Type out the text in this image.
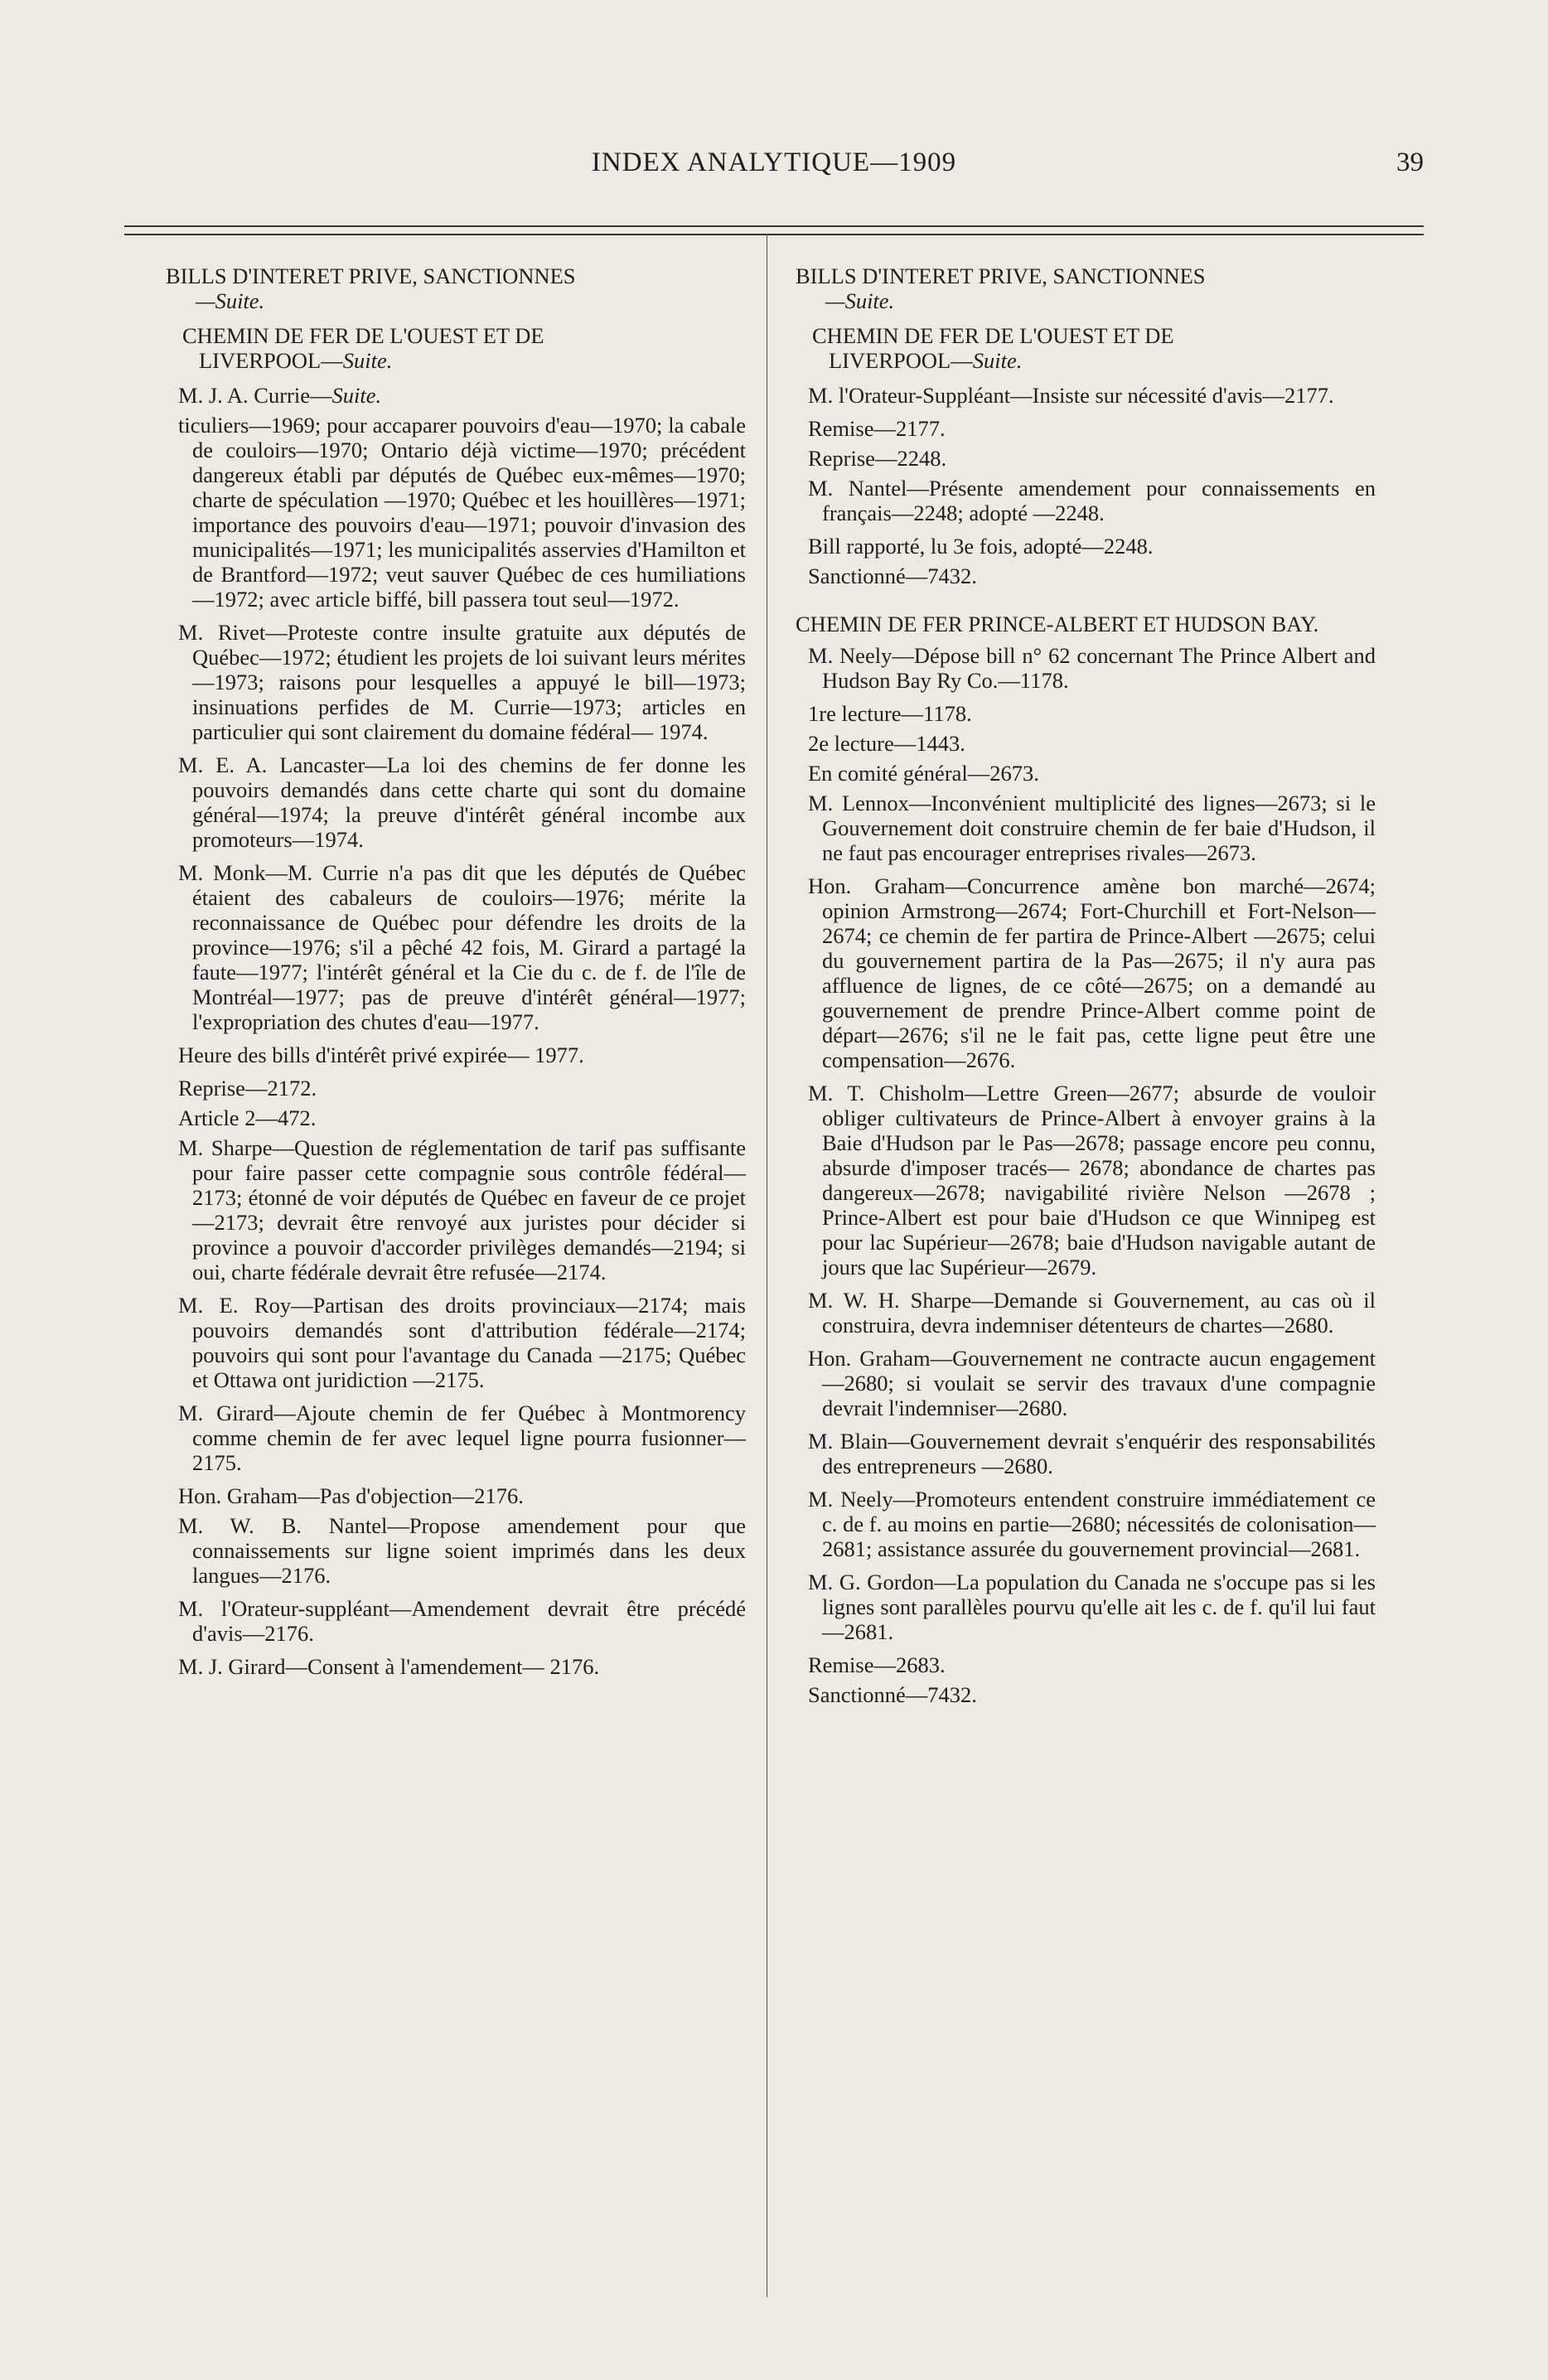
INDEX ANALYTIQUE—1909	39
BILLS D'INTERET PRIVE, SANCTIONNES
—Suite.
CHEMIN DE FER DE L'OUEST ET DE
LIVERPOOL—Suite.
M. J. A. Currie—Suite.
ticuliers—1969; pour accaparer pouvoirs d'eau—1970; la cabale de couloirs—1970; Ontario déjà victime—1970; précédent dangereux établi par députés de Québec eux-mêmes—1970; charte de spéculation —1970; Québec et les houillères—1971; importance des pouvoirs d'eau—1971; pouvoir d'invasion des municipalités—1971; les municipalités asservies d'Hamilton et de Brantford—1972; veut sauver Québec de ces humiliations—1972; avec article biffé, bill passera tout seul—1972.
M. Rivet—Proteste contre insulte gratuite aux députés de Québec—1972; étudient les projets de loi suivant leurs mérites —1973; raisons pour lesquelles a appuyé le bill—1973; insinuations perfides de M. Currie—1973; articles en particulier qui sont clairement du domaine fédéral— 1974.
M. E. A. Lancaster—La loi des chemins de fer donne les pouvoirs demandés dans cette charte qui sont du domaine général—1974; la preuve d'intérêt général incombe aux promoteurs—1974.
M. Monk—M. Currie n'a pas dit que les députés de Québec étaient des cabaleurs de couloirs—1976; mérite la reconnaissance de Québec pour défendre les droits de la province—1976; s'il a pêché 42 fois, M. Girard a partagé la faute—1977; l'intérêt général et la Cie du c. de f. de l'île de Montréal—1977; pas de preuve d'intérêt général—1977; l'expropriation des chutes d'eau—1977.
Heure des bills d'intérêt privé expirée— 1977.
Reprise—2172.
Article 2—472.
M. Sharpe—Question de réglementation de tarif pas suffisante pour faire passer cette compagnie sous contrôle fédéral— 2173; étonné de voir députés de Québec en faveur de ce projet—2173; devrait être renvoyé aux juristes pour décider si province a pouvoir d'accorder privilèges demandés—2194; si oui, charte fédérale devrait être refusée—2174.
M. E. Roy—Partisan des droits provinciaux—2174; mais pouvoirs demandés sont d'attribution fédérale—2174; pouvoirs qui sont pour l'avantage du Canada —2175; Québec et Ottawa ont juridiction —2175.
M. Girard—Ajoute chemin de fer Québec à Montmorency comme chemin de fer avec lequel ligne pourra fusionner—2175.
Hon. Graham—Pas d'objection—2176.
M. W. B. Nantel—Propose amendement pour que connaissements sur ligne soient imprimés dans les deux langues—2176.
M. l'Orateur-suppléant—Amendement devrait être précédé d'avis—2176.
M. J. Girard—Consent à l'amendement— 2176.
BILLS D'INTERET PRIVE, SANCTIONNES
—Suite.
CHEMIN DE FER DE L'OUEST ET DE
LIVERPOOL—Suite.
M. l'Orateur-Suppléant—Insiste sur nécessité d'avis—2177.
Remise—2177.
Reprise—2248.
M. Nantel—Présente amendement pour connaissements en français—2248; adopté —2248.
Bill rapporté, lu 3e fois, adopté—2248.
Sanctionné—7432.
CHEMIN DE FER PRINCE-ALBERT ET HUDSON BAY.
M. Neely—Dépose bill n° 62 concernant The Prince Albert and Hudson Bay Ry Co.—1178.
1re lecture—1178.
2e lecture—1443.
En comité général—2673.
M. Lennox—Inconvénient multiplicité des lignes—2673; si le Gouvernement doit construire chemin de fer baie d'Hudson, il ne faut pas encourager entreprises rivales—2673.
Hon. Graham—Concurrence amène bon marché—2674; opinion Armstrong—2674; Fort-Churchill et Fort-Nelson—2674; ce chemin de fer partira de Prince-Albert —2675; celui du gouvernement partira de la Pas—2675; il n'y aura pas affluence de lignes, de ce côté—2675; on a demandé au gouvernement de prendre Prince-Albert comme point de départ—2676; s'il ne le fait pas, cette ligne peut être une compensation—2676.
M. T. Chisholm—Lettre Green—2677; absurde de vouloir obliger cultivateurs de Prince-Albert à envoyer grains à la Baie d'Hudson par le Pas—2678; passage encore peu connu, absurde d'imposer tracés— 2678; abondance de chartes pas dangereux—2678; navigabilité rivière Nelson —2678 ; Prince-Albert est pour baie d'Hudson ce que Winnipeg est pour lac Supérieur—2678; baie d'Hudson navigable autant de jours que lac Supérieur—2679.
M. W. H. Sharpe—Demande si Gouvernement, au cas où il construira, devra indemniser détenteurs de chartes—2680.
Hon. Graham—Gouvernement ne contracte aucun engagement—2680; si voulait se servir des travaux d'une compagnie devrait l'indemniser—2680.
M. Blain—Gouvernement devrait s'enquérir des responsabilités des entrepreneurs —2680.
M. Neely—Promoteurs entendent construire immédiatement ce c. de f. au moins en partie—2680; nécessités de colonisation—2681; assistance assurée du gouvernement provincial—2681.
M. G. Gordon—La population du Canada ne s'occupe pas si les lignes sont parallèles pourvu qu'elle ait les c. de f. qu'il lui faut—2681.
Remise—2683.
Sanctionné—7432.
